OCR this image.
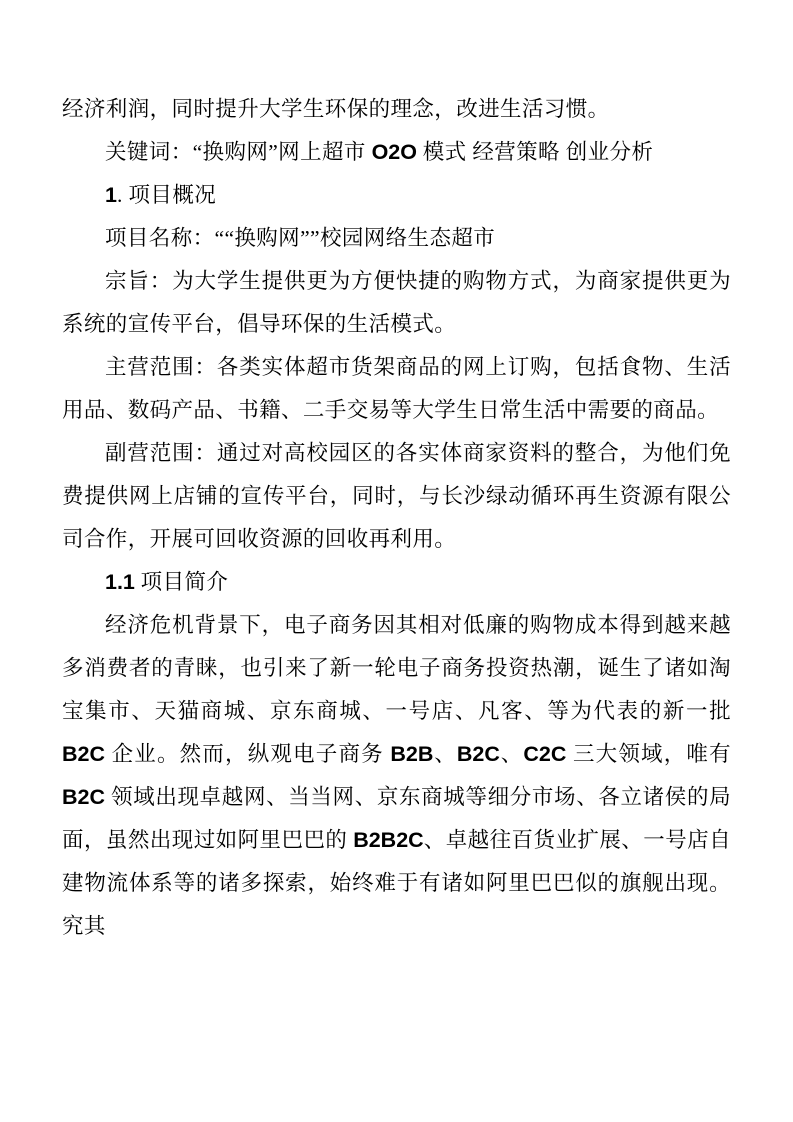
经济利润，同时提升大学生环保的理念，改进生活习惯。

关键词：“换购网”网上超市 O2O 模式 经营策略 创业分析

1. 项目概况

项目名称：““换购网””校园网络生态超市

宗旨：为大学生提供更为方便快捷的购物方式，为商家提供更为系统的宣传平台，倡导环保的生活模式。

主营范围：各类实体超市货架商品的网上订购，包括食物、生活用品、数码产品、书籍、二手交易等大学生日常生活中需要的商品。

副营范围：通过对高校园区的各实体商家资料的整合，为他们免费提供网上店铺的宣传平台，同时，与长沙绿动循环再生资源有限公司合作，开展可回收资源的回收再利用。

1.1 项目简介

经济危机背景下，电子商务因其相对低廉的购物成本得到越来越多消费者的青睐，也引来了新一轮电子商务投资热潮，诞生了诸如淘宝集市、天猫商城、京东商城、一号店、凡客、等为代表的新一批 B2C 企业。然而，纵观电子商务 B2B、B2C、C2C 三大领域，唯有 B2C 领域出现卓越网、当当网、京东商城等细分市场、各立诸侯的局面，虽然出现过如阿里巴巴的 B2B2C、卓越往百货业扩展、一号店自建物流体系等的诸多探索，始终难于有诸如阿里巴巴似的旗舰出现。究其
